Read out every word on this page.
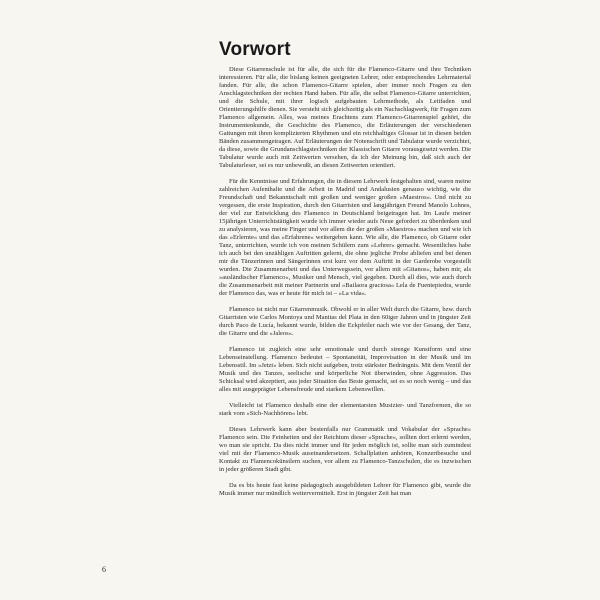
Vorwort

Diese Gitarrenschule ist für alle, die sich für die Flamenco-Gitarre und ihre Techniken interessieren. Für alle, die bislang keinen geeigneten Lehrer, oder entsprechendes Lehrmaterial fanden. Für alle, die schon Flamenco-Gitarre spielen, aber immer noch Fragen zu den Anschlagstechniken der rechten Hand haben. Für alle, die selbst Flamenco-Gitarre unterrichten, und die Schule, mit ihrer logisch aufgebauten Lehrmethode, als Leitfaden und Orientierungshilfe dienen. Sie versteht sich gleichzeitig als ein Nachschlagwerk, für Fragen zum Flamenco allgemein. Alles, was meines Erachtens zum Flamenco-Gitarrenspiel gehört, die Instrumentenkunde, die Geschichte des Flamenco, die Erläuterungen der verschiedenen Gattungen mit ihren komplizierten Rhythmen und ein reichhaltiges Glossar ist in diesen beiden Bänden zusammengetragen. Auf Erläuterungen der Notenschrift und Tabulatur wurde verzichtet, da diese, sowie die Grundanschlagstechniken der Klassischen Gitarre vorausgesetzt werden. Die Tabulatur wurde auch mit Zeitwerten versehen, da ich der Meinung bin, daß sich auch der Tabulaturleser, sei es nur unbewußt, an diesen Zeitwerten orientiert.

Für die Kenntnisse und Erfahrungen, die in diesem Lehrwerk festgehalten sind, waren meine zahlreichen Aufenthalte und die Arbeit in Madrid und Andalusien genauso wichtig, wie die Freundschaft und Bekanntschaft mit großen und weniger großen »Maestros«. Und nicht zu vergessen, die erste Inspiration, durch den Gitarristen und langjährigen Freund Manolo Lohnes, der viel zur Entwicklung des Flamenco in Deutschland beigetragen hat. Im Laufe meiner 15jährigen Unterrichtstätigkeit wurde ich immer wieder aufs Neue gefordert zu überdenken und zu analysieren, was meine Finger und vor allem die der großen »Maestros« machen und wie ich das »Erlernte« und das »Erfahrene« weitergeben kann. Wie alle, die Flamenco, ob Gitarre oder Tanz, unterrichten, wurde ich von meinen Schülern zum »Lehrer« gemacht. Wesentliches habe ich auch bei den unzähligen Auftritten gelernt, die ohne jegliche Probe abliefen und bei denen mir die Tänzerinnen und Sängerinnen erst kurz vor dem Auftritt in der Garderobe vorgestellt wurden. Die Zusammenarbeit und das Unterwegssein, vor allem mit »Gitanos«, haben mir, als »ausländischer Flamenco«, Musiker und Mensch, viel gegeben. Durch all dies, wie auch durch die Zusammenarbeit mit meiner Partnerin und »Bailaora graciosa« Lela de Fuentepiedra, wurde der Flamenco das, was er heute für mich ist – »La vida«.

Flamenco ist nicht nur Gitarrenmusik. Obwohl er in aller Welt durch die Gitarre, bzw. durch Gitarristen wie Carlos Montoya und Manitas del Plata in den 60iger Jahren und in jüngster Zeit durch Paco de Lucía, bekannt wurde, bilden die Eckpfeiler nach wie vor der Gesang, der Tanz, die Gitarre und die »Jaleos«.

Flamenco ist zugleich eine sehr emotionale und durch strenge Kunstform und eine Lebenseinstellung. Flamenco bedeutet – Spontaneität, Improvisation in der Musik und im Lebensstil. Im »Jetzt« leben. Sich nicht aufgeben, trotz stärkster Bedrängnis. Mit dem Ventil der Musik und des Tanzes, seelische und körperliche Not überwinden, ohne Aggression. Das Schicksal wird akzeptiert, aus jeder Situation das Beste gemacht, sei es so noch wenig – und das alles mit ausgeprägter Lebensfreude und starkem Lebenswillen.

Vielleicht ist Flamenco deshalb eine der elementarsten Musizier- und Tanzformen, die so stark vom »Sich-Nachhören« lebt.

Dieses Lehrwerk kann aber bestenfalls nur Grammatik und Vokabular der »Sprache« Flamenco sein. Die Feinheiten und der Reichtum dieser »Sprache«, sollten dort erlernt werden, wo man sie spricht. Da dies nicht immer und für jeden möglich ist, sollte man sich zumindest viel mit der Flamenco-Musik auseinandersetzen. Schallplatten anhören, Konzertbesuche und Kontakt zu Flamencokünstlern suchen, vor allem zu Flamenco-Tanzschulen, die es inzwischen in jeder größeren Stadt gibt.

Da es bis heute fast keine pädagogisch ausgebildeten Lehrer für Flamenco gibt, wurde die Musik immer nur mündlich weitervermittelt. Erst in jüngster Zeit hat man

6
